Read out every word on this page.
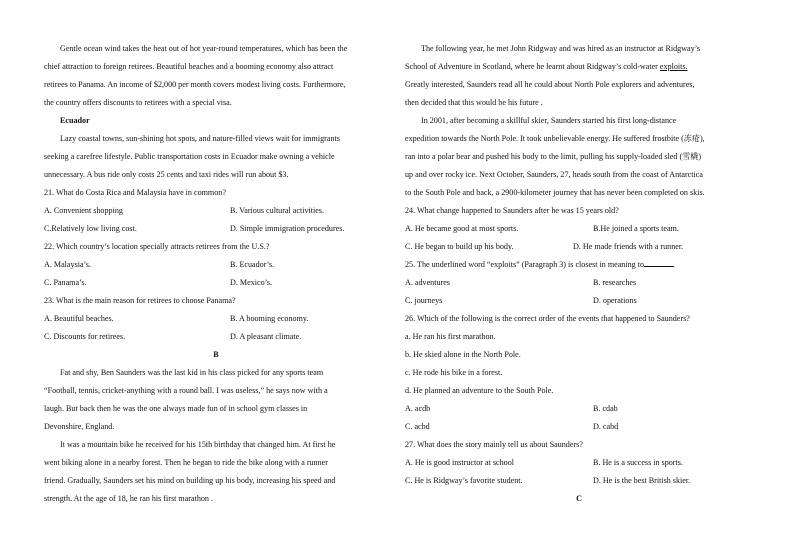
Gentle ocean wind takes the heat out of hot year-round temperatures, which has been the
chief attraction to foreign retirees. Beautiful beaches and a booming economy also attract
retirees to Panama. An income of $2,000 per month covers modest living costs. Furthermore,
the country offers discounts to retirees with a special visa.
Ecuador
Lazy coastal towns, sun-shining hot spots, and nature-filled views wait for immigrants
seeking a carefree lifestyle. Public transportation costs in Ecuador make owning a vehicle
unnecessary. A bus ride only costs 25 cents and taxi rides will run about $3.
21. What do Costa Rica and Malaysia have in common?
A. Convenient shopping	B. Various cultural activities.
C.Relatively low living cost.	D. Simple immigration procedures.
22. Which country’s location specially attracts retirees from the U.S.?
A. Malaysia’s.	B. Ecuador’s.
C. Panama’s.	D. Mexico’s.
23. What is the main reason for retirees to choose Panama?
A. Beautiful beaches.	B. A booming economy.
C. Discounts for retirees.	D. A pleasant climate.
B
Fat and shy, Ben Saunders was the last kid in his class picked for any sports team
“Football, tennis, cricket-anything with a round ball. I was useless,” he says now with a
laugh. But back then he was the one always made fun of in school gym classes in
Devonshire, England.
It was a mountain bike he received for his 15th birthday that changed him. At first he
went biking alone in a nearby forest. Then he began to ride the bike along with a runner
friend. Gradually, Saunders set his mind on building up his body, increasing his speed and
strength. At the age of 18, he ran his first marathon .
The following year, he met John Ridgway and was hired as an instructor at Ridgway’s
School of Adventure in Scotland, where he learnt about Ridgway’s cold-water exploits.
Greatly interested, Saunders read all he could about North Pole explorers and adventures,
then decided that this would be his future .
In 2001, after becoming a skillful skier, Saunders started his first long-distance
expedition towards the North Pole. It took unbelievable energy. He suffered frostbite (冻疮),
ran into a polar bear and pushed his body to the limit, pulling his supply-loaded sled (雪橇)
up and over rocky ice. Next October, Saunders, 27, heads south from the coast of Antarctica
to the South Pole and back, a 2900-kilometer journey that has never been completed on skis.
24. What change happened to Saunders after he was 15 years old?
A. He became good at most sports.	B.He joined a sports team.
C. He began to build up his body.	D. He made friends with a runner.
25. The underlined word “exploits” (Paragraph 3) is closest in meaning to
A. adventures	B. researches
C. journeys	D. operations
26. Which of the following is the correct order of the events that happened to Saunders?
a. He ran his first marathon.
b. He skied alone in the North Pole.
c. He rode his bike in a forest.
d. He planned an adventure to the South Pole.
A. acdb	B. cdab
C. acbd	D. cabd
27. What does the story mainly tell us about Saunders?
A. He is good instructor at school	B. He is a success in sports.
C. He is Ridgway’s favorite student.	D. He is the best British skier.
C
